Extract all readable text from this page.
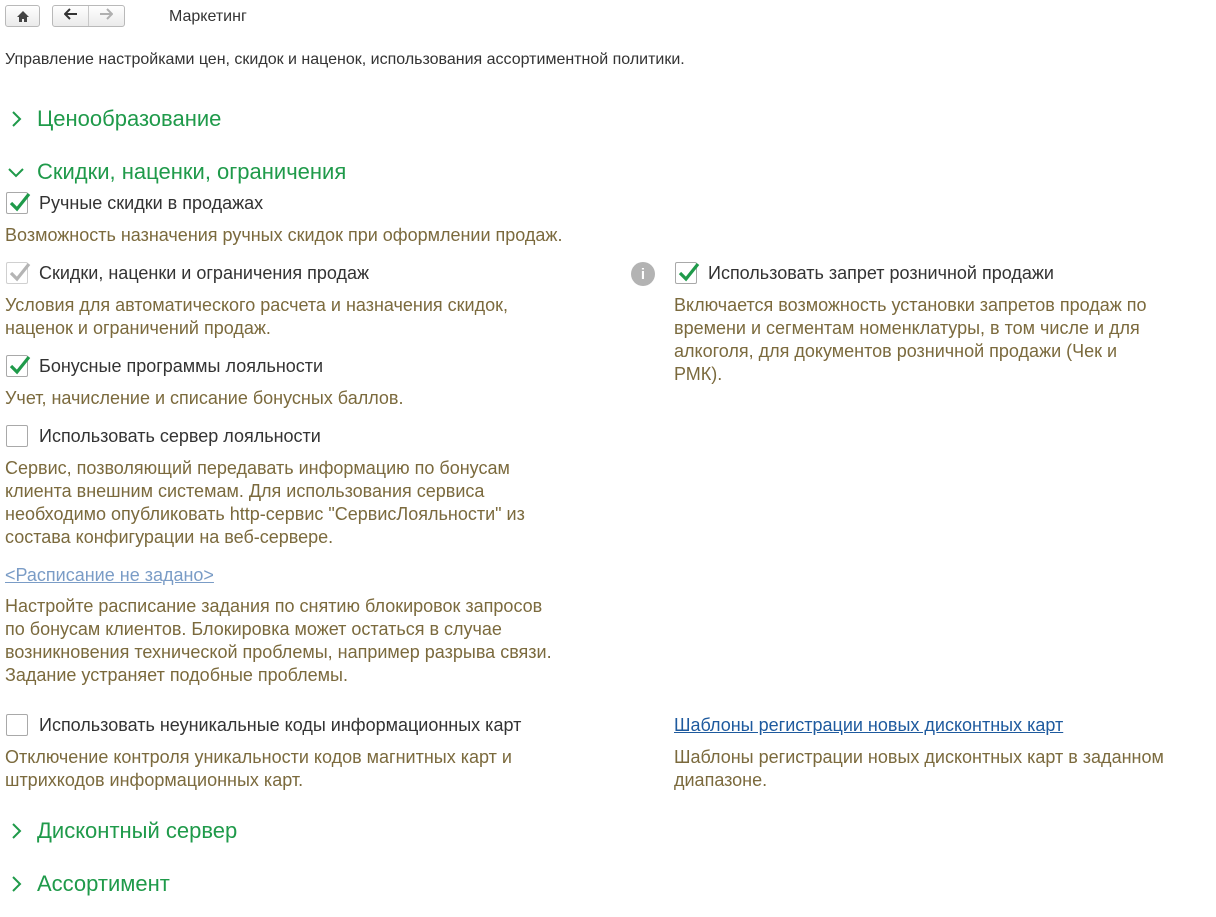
Маркетинг
Управление настройками цен, скидок и наценок, использования ассортиментной политики.
Ценообразование
Скидки, наценки, ограничения
Ручные скидки в продажах
Возможность назначения ручных скидок при оформлении продаж.
Скидки, наценки и ограничения продаж
Условия для автоматического расчета и назначения скидок,
наценок и ограничений продаж.
i	Использовать запрет розничной продажи
Включается возможность установки запретов продаж по
времени и сегментам номенклатуры, в том числе и для
алкоголя, для документов розничной продажи (Чек и
РМК).
Бонусные программы лояльности
Учет, начисление и списание бонусных баллов.
Использовать сервер лояльности
Сервис, позволяющий передавать информацию по бонусам
клиента внешним системам. Для использования сервиса
необходимо опубликовать http-сервис "СервисЛояльности" из
состава конфигурации на веб-сервере.
<Расписание не задано>
Настройте расписание задания по снятию блокировок запросов
по бонусам клиентов. Блокировка может остаться в случае
возникновения технической проблемы, например разрыва связи.
Задание устраняет подобные проблемы.
Использовать неуникальные коды информационных карт
Отключение контроля уникальности кодов магнитных карт и
штрихкодов информационных карт.
Шаблоны регистрации новых дисконтных карт
Шаблоны регистрации новых дисконтных карт в заданном
диапазоне.
Дисконтный сервер
Ассортимент
